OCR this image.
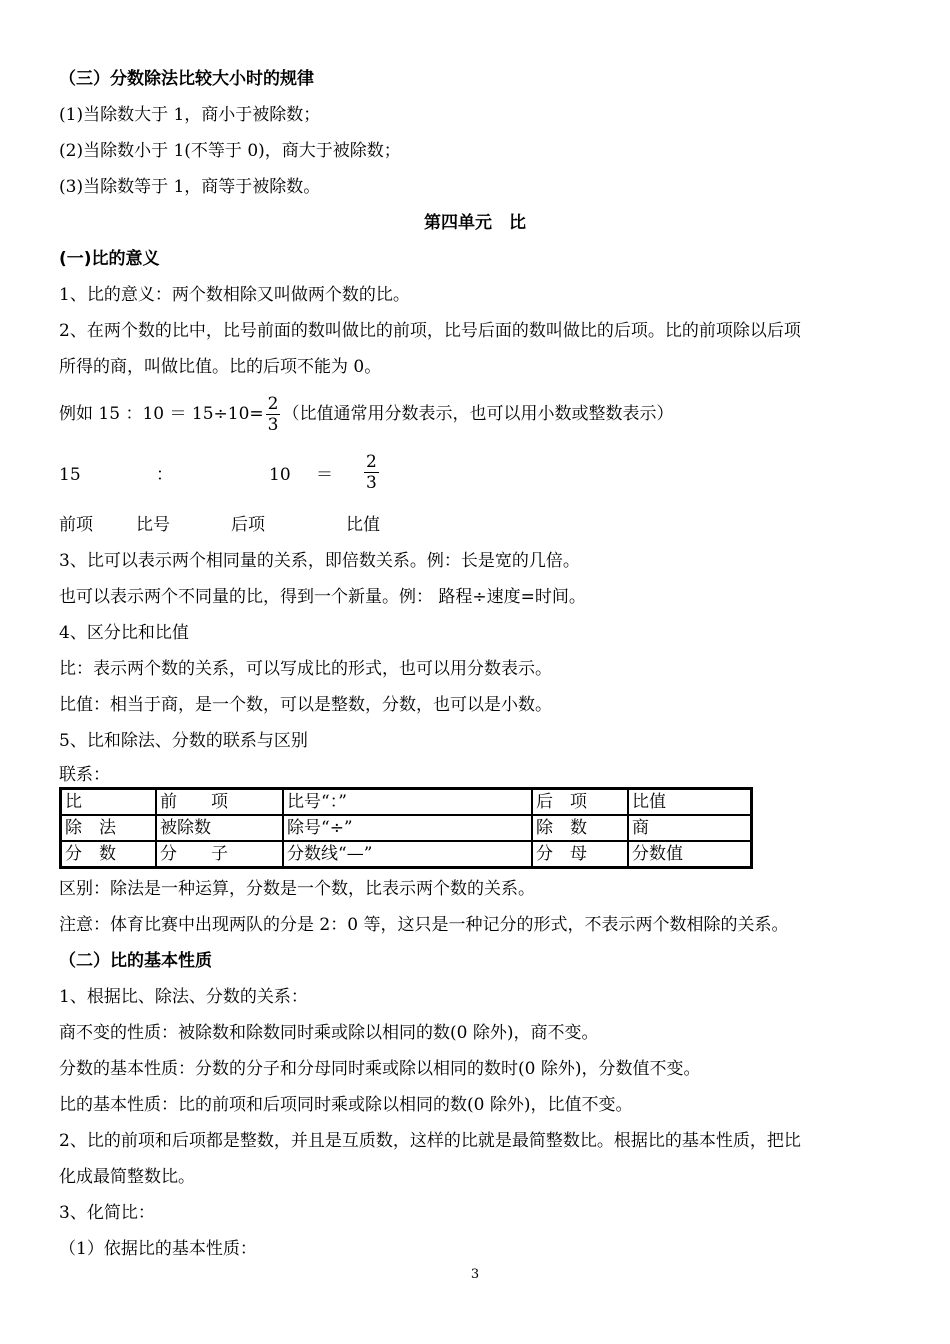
（三）分数除法比较大小时的规律
(1)当除数大于 1，商小于被除数；
(2)当除数小于 1(不等于 0)，商大于被除数；
(3)当除数等于 1，商等于被除数。
第四单元　比
(一)比的意义
1、比的意义：两个数相除又叫做两个数的比。
2、在两个数的比中，比号前面的数叫做比的前项，比号后面的数叫做比的后项。比的前项除以后项
所得的商，叫做比值。比的后项不能为 0。
例如 15 ：$10 = 15\div 10= \frac{2}{3}$ （比值通常用分数表示，也可以用小数或整数表示）
15	：	$10 = \frac{2}{3}$
前项	比号	后项	比值
3、比可以表示两个相同量的关系，即倍数关系。例：长是宽的几倍。
也可以表示两个不同量的比，得到一个新量。例： 路程÷速度=时间。
4、区分比和比值
比：表示两个数的关系，可以写成比的形式，也可以用分数表示。
比值：相当于商，是一个数，可以是整数，分数，也可以是小数。
5、比和除法、分数的联系与区别
联系：
比	前　　项	比号“：”	后　项	比值
除　法	被除数	除号“÷”	除　数	商
分　数	分　　子	分数线“—”	分　母	分数值
区别：除法是一种运算，分数是一个数，比表示两个数的关系。
注意：体育比赛中出现两队的分是 2：0 等，这只是一种记分的形式，不表示两个数相除的关系。
（二）比的基本性质
1、根据比、除法、分数的关系：
商不变的性质：被除数和除数同时乘或除以相同的数(0 除外)，商不变。
分数的基本性质：分数的分子和分母同时乘或除以相同的数时(0 除外)，分数值不变。
比的基本性质：比的前项和后项同时乘或除以相同的数(0 除外)，比值不变。
2、比的前项和后项都是整数，并且是互质数，这样的比就是最简整数比。根据比的基本性质，把比
化成最简整数比。
3、化简比：
（1）依据比的基本性质：
3
